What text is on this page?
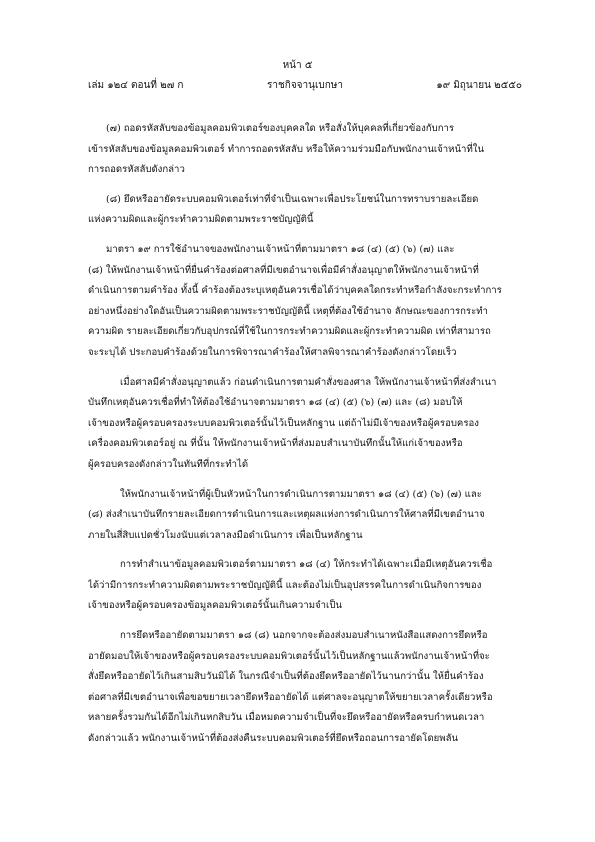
หน้า ๕
เล่ม ๑๒๔ ตอนที่ ๒๗ ก	ราชกิจจานุเบกษา	๑๙ มิถุนายน ๒๕๕๐

(๗) ถอดรหัสลับของข้อมูลคอมพิวเตอร์ของบุคคลใด หรือสั่งให้บุคคลที่เกี่ยวข้องกับการ

เข้ารหัสลับของข้อมูลคอมพิวเตอร์ ทำการถอดรหัสลับ หรือให้ความร่วมมือกับพนักงานเจ้าหน้าที่ใน

การถอดรหัสลับดังกล่าว

(๘) ยึดหรืออายัดระบบคอมพิวเตอร์เท่าที่จำเป็นเฉพาะเพื่อประโยชน์ในการทราบรายละเอียด

แห่งความผิดและผู้กระทำความผิดตามพระราชบัญญัตินี้

มาตรา ๑๙ การใช้อำนาจของพนักงานเจ้าหน้าที่ตามมาตรา ๑๘ (๔) (๕) (๖) (๗) และ

(๘) ให้พนักงานเจ้าหน้าที่ยื่นคำร้องต่อศาลที่มีเขตอำนาจเพื่อมีคำสั่งอนุญาตให้พนักงานเจ้าหน้าที่

ดำเนินการตามคำร้อง ทั้งนี้ คำร้องต้องระบุเหตุอันควรเชื่อได้ว่าบุคคลใดกระทำหรือกำลังจะกระทำการ

อย่างหนึ่งอย่างใดอันเป็นความผิดตามพระราชบัญญัตินี้ เหตุที่ต้องใช้อำนาจ ลักษณะของการกระทำ

ความผิด รายละเอียดเกี่ยวกับอุปกรณ์ที่ใช้ในการกระทำความผิดและผู้กระทำความผิด เท่าที่สามารถ

จะระบุได้ ประกอบคำร้องด้วยในการพิจารณาคำร้องให้ศาลพิจารณาคำร้องดังกล่าวโดยเร็ว

เมื่อศาลมีคำสั่งอนุญาตแล้ว ก่อนดำเนินการตามคำสั่งของศาล ให้พนักงานเจ้าหน้าที่ส่งสำเนา

บันทึกเหตุอันควรเชื่อที่ทำให้ต้องใช้อำนาจตามมาตรา ๑๘ (๔) (๕) (๖) (๗) และ (๘) มอบให้

เจ้าของหรือผู้ครอบครองระบบคอมพิวเตอร์นั้นไว้เป็นหลักฐาน แต่ถ้าไม่มีเจ้าของหรือผู้ครอบครอง

เครื่องคอมพิวเตอร์อยู่ ณ ที่นั้น ให้พนักงานเจ้าหน้าที่ส่งมอบสำเนาบันทึกนั้นให้แก่เจ้าของหรือ

ผู้ครอบครองดังกล่าวในทันทีที่กระทำได้

ให้พนักงานเจ้าหน้าที่ผู้เป็นหัวหน้าในการดำเนินการตามมาตรา ๑๘ (๔) (๕) (๖) (๗) และ

(๘) ส่งสำเนาบันทึกรายละเอียดการดำเนินการและเหตุผลแห่งการดำเนินการให้ศาลที่มีเขตอำนาจ

ภายในสี่สิบแปดชั่วโมงนับแต่เวลาลงมือดำเนินการ เพื่อเป็นหลักฐาน

การทำสำเนาข้อมูลคอมพิวเตอร์ตามมาตรา ๑๘ (๔) ให้กระทำได้เฉพาะเมื่อมีเหตุอันควรเชื่อ

ได้ว่ามีการกระทำความผิดตามพระราชบัญญัตินี้ และต้องไม่เป็นอุปสรรคในการดำเนินกิจการของ

เจ้าของหรือผู้ครอบครองข้อมูลคอมพิวเตอร์นั้นเกินความจำเป็น

การยึดหรืออายัดตามมาตรา ๑๘ (๘) นอกจากจะต้องส่งมอบสำเนาหนังสือแสดงการยึดหรือ

อายัดมอบให้เจ้าของหรือผู้ครอบครองระบบคอมพิวเตอร์นั้นไว้เป็นหลักฐานแล้วพนักงานเจ้าหน้าที่จะ

สั่งยึดหรืออายัดไว้เกินสามสิบวันมิได้ ในกรณีจำเป็นที่ต้องยึดหรืออายัดไว้นานกว่านั้น ให้ยื่นคำร้อง

ต่อศาลที่มีเขตอำนาจเพื่อขอขยายเวลายึดหรืออายัดได้ แต่ศาลจะอนุญาตให้ขยายเวลาครั้งเดียวหรือ

หลายครั้งรวมกันได้อีกไม่เกินหกสิบวัน เมื่อหมดความจำเป็นที่จะยึดหรืออายัดหรือครบกำหนดเวลา

ดังกล่าวแล้ว พนักงานเจ้าหน้าที่ต้องส่งคืนระบบคอมพิวเตอร์ที่ยึดหรือถอนการอายัดโดยพลัน
